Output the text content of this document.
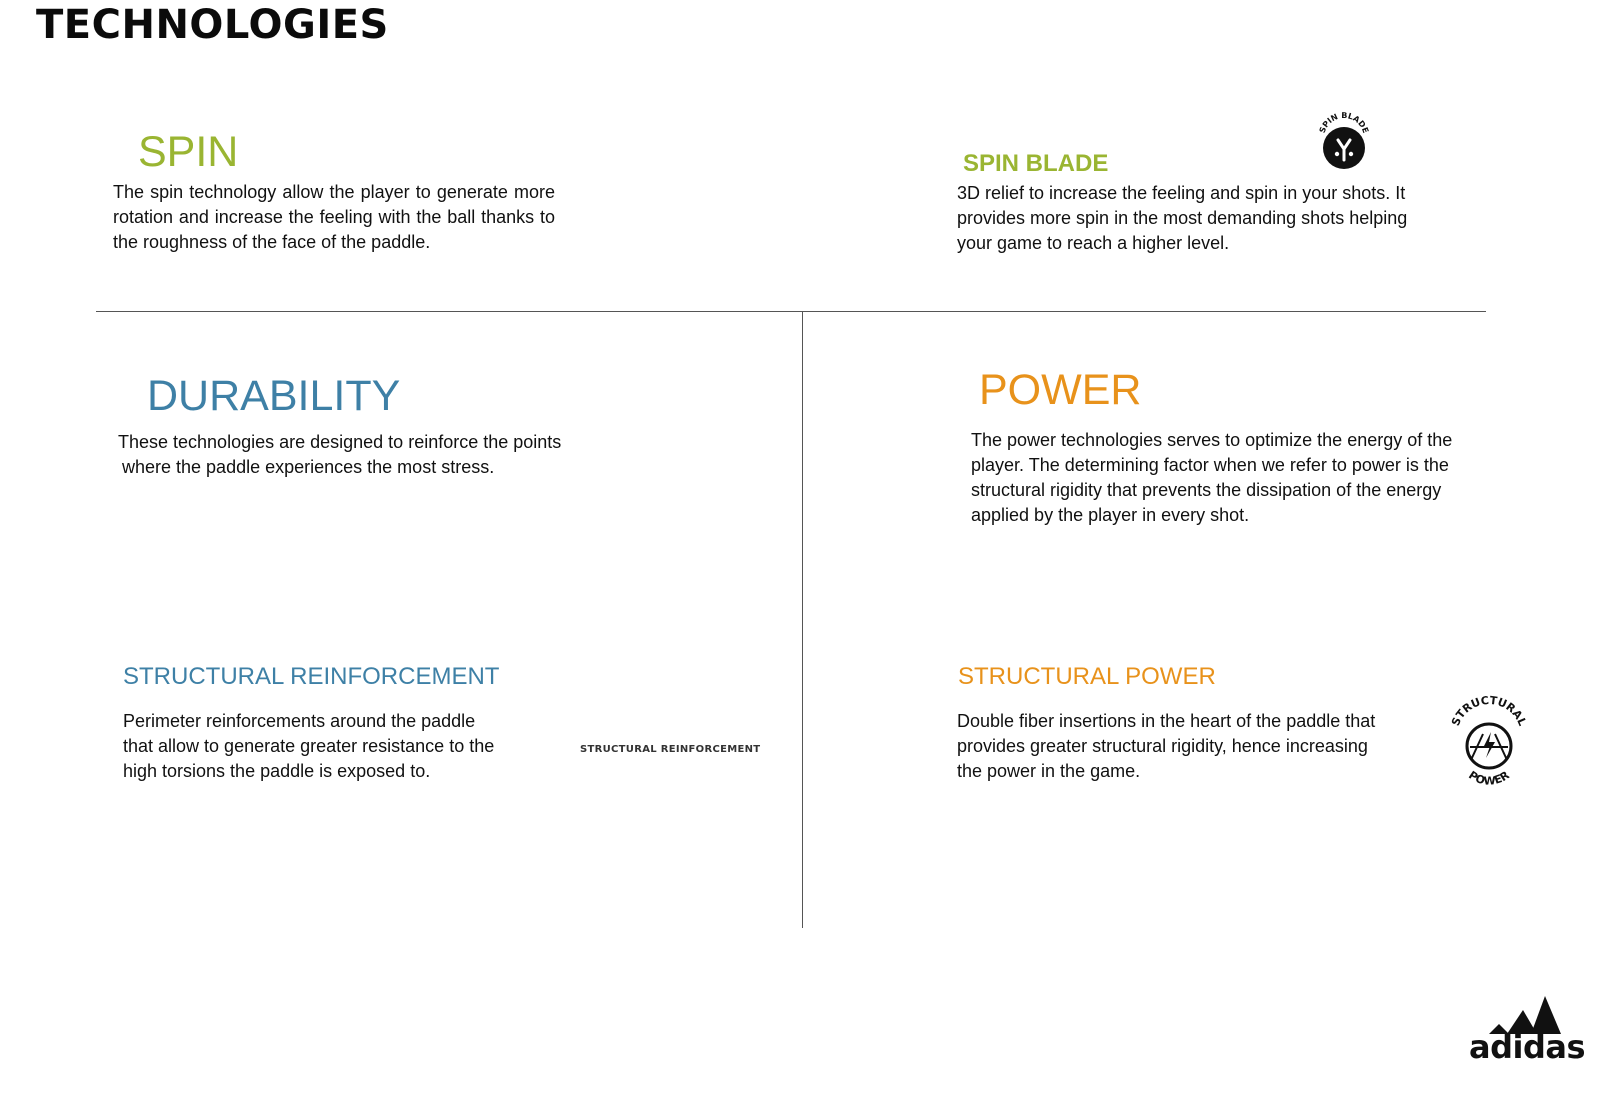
TECHNOLOGIES
SPIN
The spin technology allow the player to generate more rotation and increase the feeling with the ball thanks to the roughness of the face of the paddle.
SPIN BLADE
3D relief to increase the feeling and spin in your shots. It provides more spin in the most demanding shots helping your game to reach a higher level.
SPIN BLADE
DURABILITY
These technologies are designed to reinforce the points
where the paddle experiences the most stress.
STRUCTURAL REINFORCEMENT
Perimeter reinforcements around the paddle that allow to generate greater resistance to the high torsions the paddle is exposed to.
STRUCTURAL REINFORCEMENT
POWER
The power technologies serves to optimize the energy of the player. The determining factor when we refer to power is the structural rigidity that prevents the dissipation of the energy applied by the player in every shot.
STRUCTURAL POWER
Double fiber insertions in the heart of the paddle that provides greater structural rigidity, hence increasing the power in the game.
STRUCTURAL
POWER
adidas
